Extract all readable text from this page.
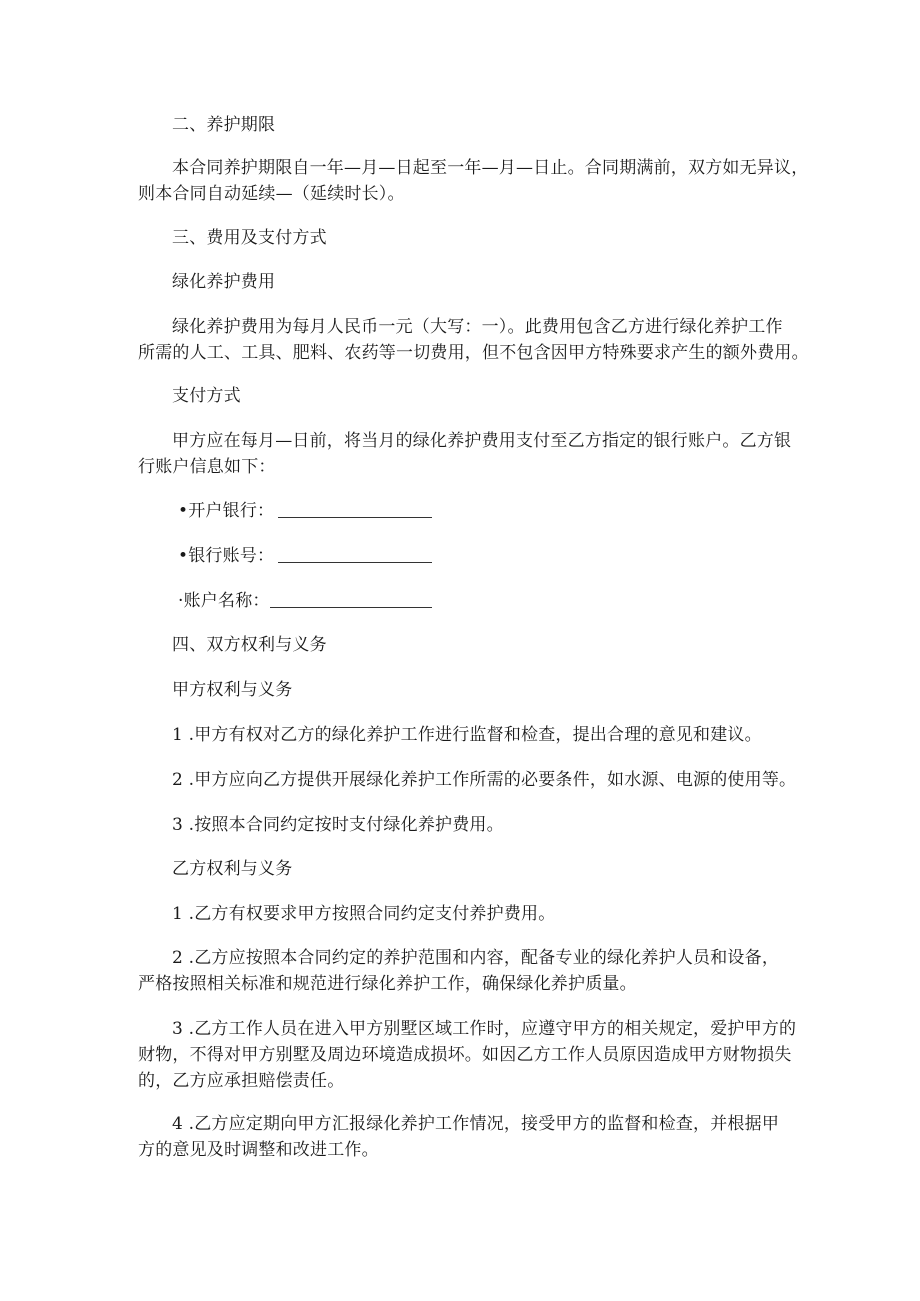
二、养护期限
本合同养护期限自一年—月—日起至一年—月—日止。合同期满前，双方如无异议，
则本合同自动延续—（延续时长）。
三、费用及支付方式
绿化养护费用
绿化养护费用为每月人民币一元（大写：一）。此费用包含乙方进行绿化养护工作
所需的人工、工具、肥料、农药等一切费用，但不包含因甲方特殊要求产生的额外费用。
支付方式
甲方应在每月—日前，将当月的绿化养护费用支付至乙方指定的银行账户。乙方银
行账户信息如下：
•开户银行：
•银行账号：
·账户名称：
四、双方权利与义务
甲方权利与义务
1 .甲方有权对乙方的绿化养护工作进行监督和检查，提出合理的意见和建议。
2 .甲方应向乙方提供开展绿化养护工作所需的必要条件，如水源、电源的使用等。
3 .按照本合同约定按时支付绿化养护费用。
乙方权利与义务
1 .乙方有权要求甲方按照合同约定支付养护费用。
2 .乙方应按照本合同约定的养护范围和内容，配备专业的绿化养护人员和设备，
严格按照相关标准和规范进行绿化养护工作，确保绿化养护质量。
3 .乙方工作人员在进入甲方别墅区域工作时，应遵守甲方的相关规定，爱护甲方的
财物，不得对甲方别墅及周边环境造成损坏。如因乙方工作人员原因造成甲方财物损失
的，乙方应承担赔偿责任。
4 .乙方应定期向甲方汇报绿化养护工作情况，接受甲方的监督和检查，并根据甲
方的意见及时调整和改进工作。
